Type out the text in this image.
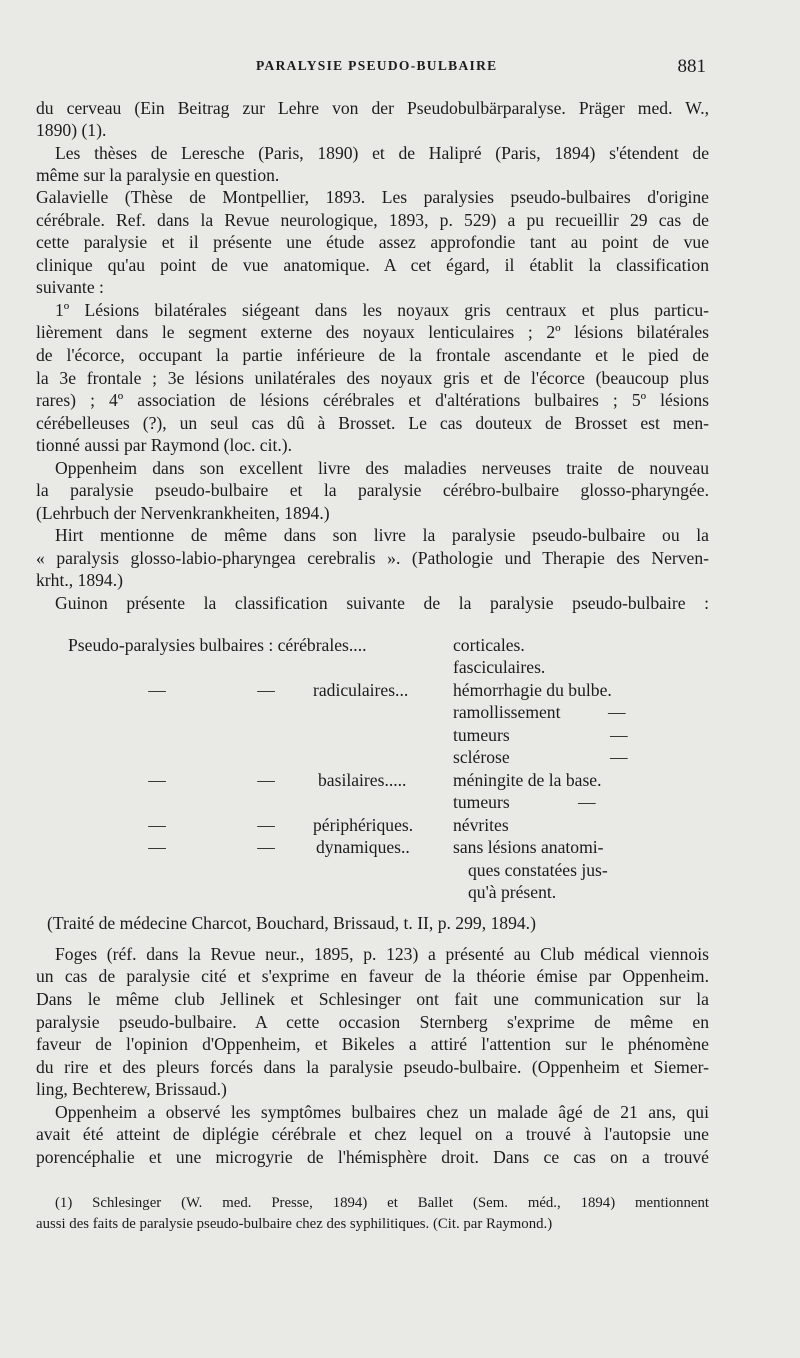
PARALYSIE PSEUDO-BULBAIRE	881
du cerveau (Ein Beitrag zur Lehre von der Pseudobulbärparalyse. Präger med. W.,
1890) (1).
Les thèses de Leresche (Paris, 1890) et de Halipré (Paris, 1894) s'étendent de
même sur la paralysie en question.
Galavielle (Thèse de Montpellier, 1893. Les paralysies pseudo-bulbaires d'origine
cérébrale. Ref. dans la Revue neurologique, 1893, p. 529) a pu recueillir 29 cas de
cette paralysie et il présente une étude assez approfondie tant au point de vue
clinique qu'au point de vue anatomique. A cet égard, il établit la classification
suivante :
1º Lésions bilatérales siégeant dans les noyaux gris centraux et plus particu-
lièrement dans le segment externe des noyaux lenticulaires ; 2º lésions bilatérales
de l'écorce, occupant la partie inférieure de la frontale ascendante et le pied de
la 3e frontale ; 3e lésions unilatérales des noyaux gris et de l'écorce (beaucoup plus
rares) ; 4º association de lésions cérébrales et d'altérations bulbaires ; 5º lésions
cérébelleuses (?), un seul cas dû à Brosset. Le cas douteux de Brosset est men-
tionné aussi par Raymond (loc. cit.).
Oppenheim dans son excellent livre des maladies nerveuses traite de nouveau
la paralysie pseudo-bulbaire et la paralysie cérébro-bulbaire glosso-pharyngée.
(Lehrbuch der Nervenkrankheiten, 1894.)
Hirt mentionne de même dans son livre la paralysie pseudo-bulbaire ou la
« paralysis glosso-labio-pharyngea cerebralis ». (Pathologie und Therapie des Nerven-
krht., 1894.)
Guinon présente la classification suivante de la paralysie pseudo-bulbaire :
Pseudo-paralysies bulbaires : cérébrales....	corticales.
fasciculaires.
—	— radiculaires...	hémorrhagie du bulbe.
ramollissement	—
tumeurs	—
sclérose	—
—	— basilaires.....	méningite de la base.
tumeurs	—
—	— périphériques. névrites
—	— dynamiques.. sans lésions anatomi-
ques constatées jus-
qu'à présent.
(Traité de médecine Charcot, Bouchard, Brissaud, t. II, p. 299, 1894.)
Foges (réf. dans la Revue neur., 1895, p. 123) a présenté au Club médical viennois
un cas de paralysie cité et s'exprime en faveur de la théorie émise par Oppenheim.
Dans le même club Jellinek et Schlesinger ont fait une communication sur la
paralysie pseudo-bulbaire. A cette occasion Sternberg s'exprime de même en
faveur de l'opinion d'Oppenheim, et Bikeles a attiré l'attention sur le phénomène
du rire et des pleurs forcés dans la paralysie pseudo-bulbaire. (Oppenheim et Siemer-
ling, Bechterew, Brissaud.)
Oppenheim a observé les symptômes bulbaires chez un malade âgé de 21 ans, qui
avait été atteint de diplégie cérébrale et chez lequel on a trouvé à l'autopsie une
porencéphalie et une microgyrie de l'hémisphère droit. Dans ce cas on a trouvé
(1) Schlesinger (W. med. Presse, 1894) et Ballet (Sem. méd., 1894) mentionnent
aussi des faits de paralysie pseudo-bulbaire chez des syphilitiques. (Cit. par Raymond.)
